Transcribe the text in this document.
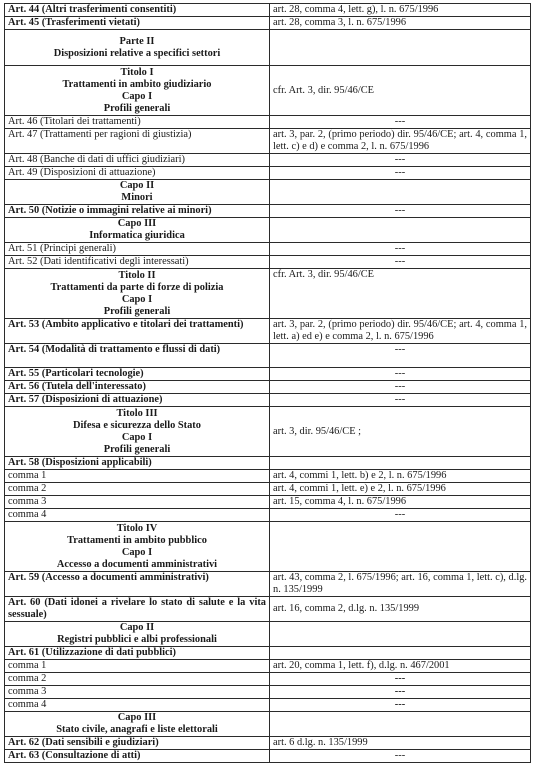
Art. 44 (Altri trasferimenti consentiti)	art. 28, comma 4, lett. g), l. n. 675/1996
Art. 45 (Trasferimenti vietati)	art. 28, comma 3, l. n. 675/1996

Parte II
Disposizioni relative a specifici settori	

Titolo I
Trattamenti in ambito giudiziario
Capo I
Profili generali	cfr. Art. 3, dir. 95/46/CE
Art. 46 (Titolari dei trattamenti)	---
Art. 47 (Trattamenti per ragioni di giustizia)	art. 3, par. 2, (primo periodo) dir. 95/46/CE; art. 4, comma 1, lett. c) e d) e comma 2, l. n. 675/1996
Art. 48 (Banche di dati di uffici giudiziari)	---
Art. 49 (Disposizioni di attuazione)	---

Capo II
Minori	

Art. 50 (Notizie o immagini relative ai minori)	---

Capo III
Informatica giuridica	

Art. 51 (Principi generali)	---
Art. 52 (Dati identificativi degli interessati)	---

Titolo II
Trattamenti da parte di forze di polizia
Capo I
Profili generali	cfr. Art. 3, dir. 95/46/CE
Art. 53 (Ambito applicativo e titolari dei trattamenti)	art. 3, par. 2, (primo periodo) dir. 95/46/CE; art. 4, comma 1, lett. a) ed e) e comma 2, l. n. 675/1996
Art. 54 (Modalità di trattamento e flussi di dati)	---
Art. 55 (Particolari tecnologie)	---
Art. 56 (Tutela dell'interessato)	---
Art. 57 (Disposizioni di attuazione)	---

Titolo III
Difesa e sicurezza dello Stato
Capo I
Profili generali	art. 3, dir. 95/46/CE ;
Art. 58 (Disposizioni applicabili)	
comma 1	art. 4, commi 1, lett. b) e 2, l. n. 675/1996
comma 2	art. 4, commi 1, lett. e) e 2, l. n. 675/1996
comma 3	art. 15, comma 4, l. n. 675/1996
comma 4	---

Titolo IV
Trattamenti in ambito pubblico
Capo I
Accesso a documenti amministrativi	

Art. 59 (Accesso a documenti amministrativi)	art. 43, comma 2, l. 675/1996; art. 16, comma 1, lett. c), d.lg. n. 135/1999
Art. 60 (Dati idonei a rivelare lo stato di salute e la vita sessuale)	art. 16, comma 2, d.lg. n. 135/1999

Capo II
Registri pubblici e albi professionali	

Art. 61 (Utilizzazione di dati pubblici)	
comma 1	art. 20, comma 1, lett. f), d.lg. n. 467/2001
comma 2	---
comma 3	---
comma 4	---

Capo III
Stato civile, anagrafi e liste elettorali	

Art. 62 (Dati sensibili e giudiziari)	art. 6 d.lg. n. 135/1999
Art. 63 (Consultazione di atti)	---
